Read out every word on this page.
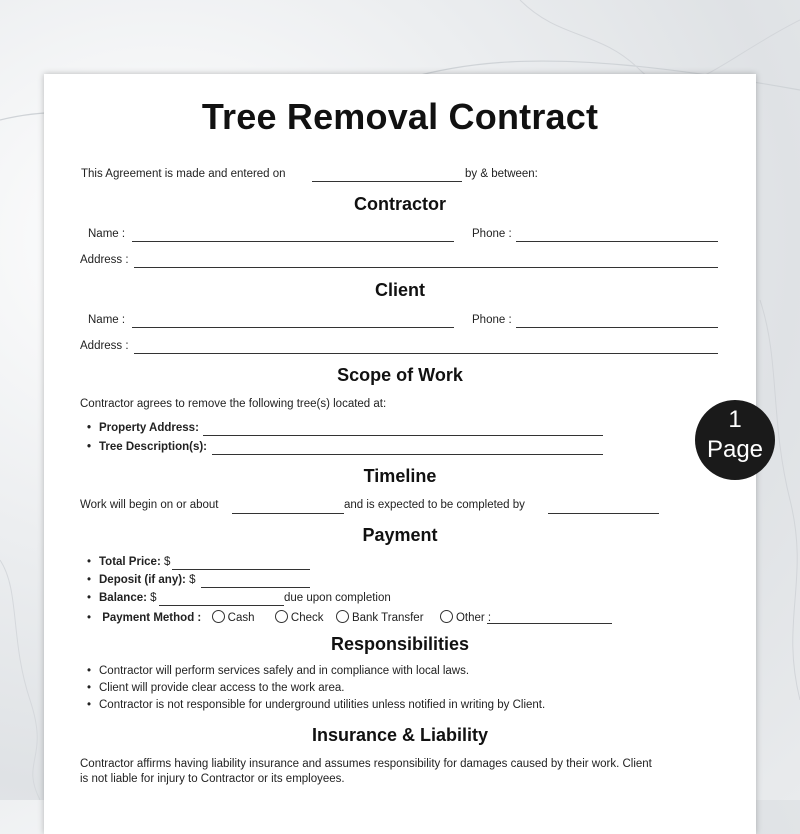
Tree Removal Contract
This Agreement is made and entered on	by & between:
Contractor
Name :	Phone :
Address :
Client
Name :	Phone :
Address :
Scope of Work
Contractor agrees to remove the following tree(s) located at:
• Property Address:
• Tree Description(s):
Timeline
Work will begin on or about	and is expected to be completed by
Payment
• Total Price: $
• Deposit (if any): $
• Balance: $	due upon completion
• Payment Method : Cash	Check Bank Transfer	Other :
Responsibilities
• Contractor will perform services safely and in compliance with local laws.
• Client will provide clear access to the work area.
• Contractor is not responsible for underground utilities unless notified in writing by Client.
Insurance & Liability
Contractor affirms having liability insurance and assumes responsibility for damages caused by their work. Client
is not liable for injury to Contractor or its employees.
1
Page
